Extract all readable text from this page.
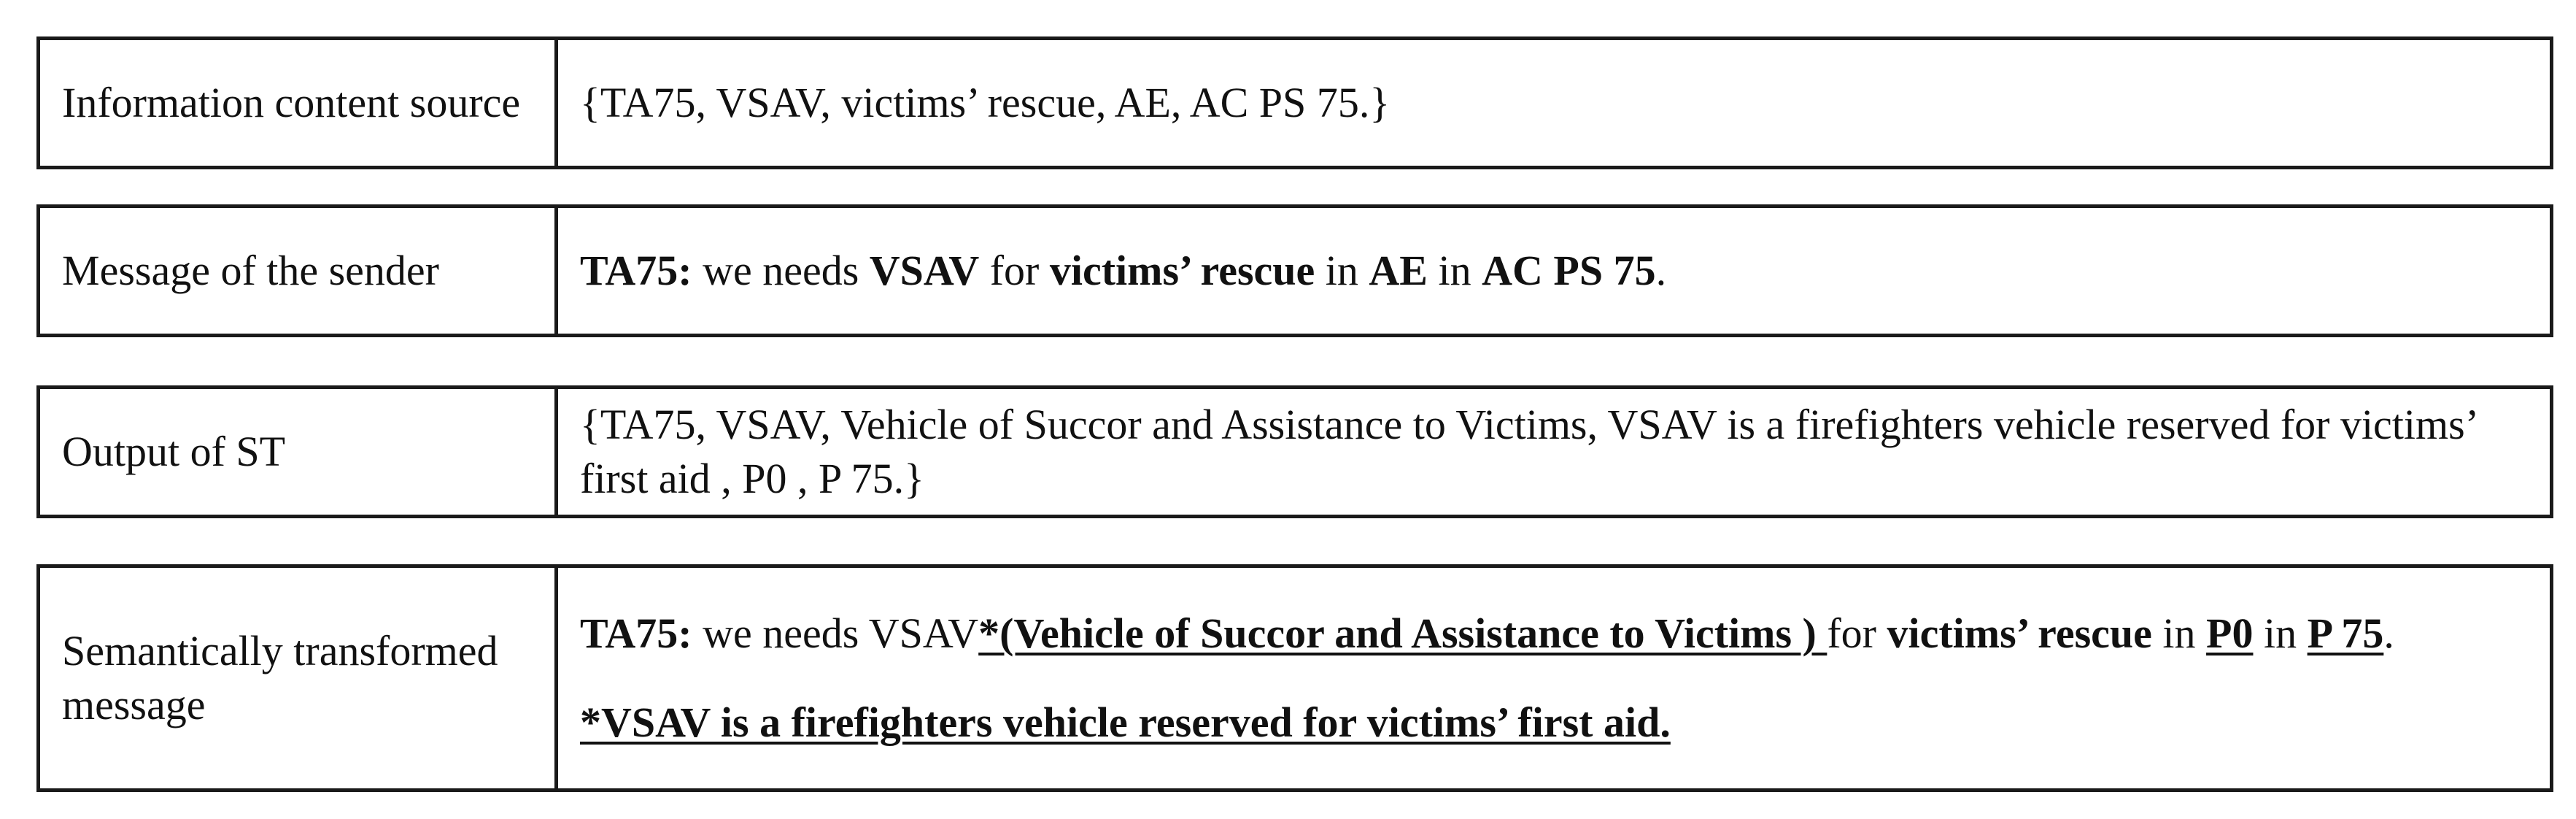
Information content source	{TA75, VSAV, victims’ rescue, AE, AC PS 75.}
Message of the sender	TA75: we needs VSAV for victims’ rescue in AE in AC PS 75.
Output of ST
{TA75, VSAV, Vehicle of Succor and Assistance to Victims, VSAV is a firefighters vehicle reserved for victims’ first aid , P0 , P 75.}
Semantically transformed message
TA75: we needs VSAV*(Vehicle of Succor and Assistance to Victims ) for victims’ rescue in P0 in P 75.
*VSAV is a firefighters vehicle reserved for victims’ first aid.
